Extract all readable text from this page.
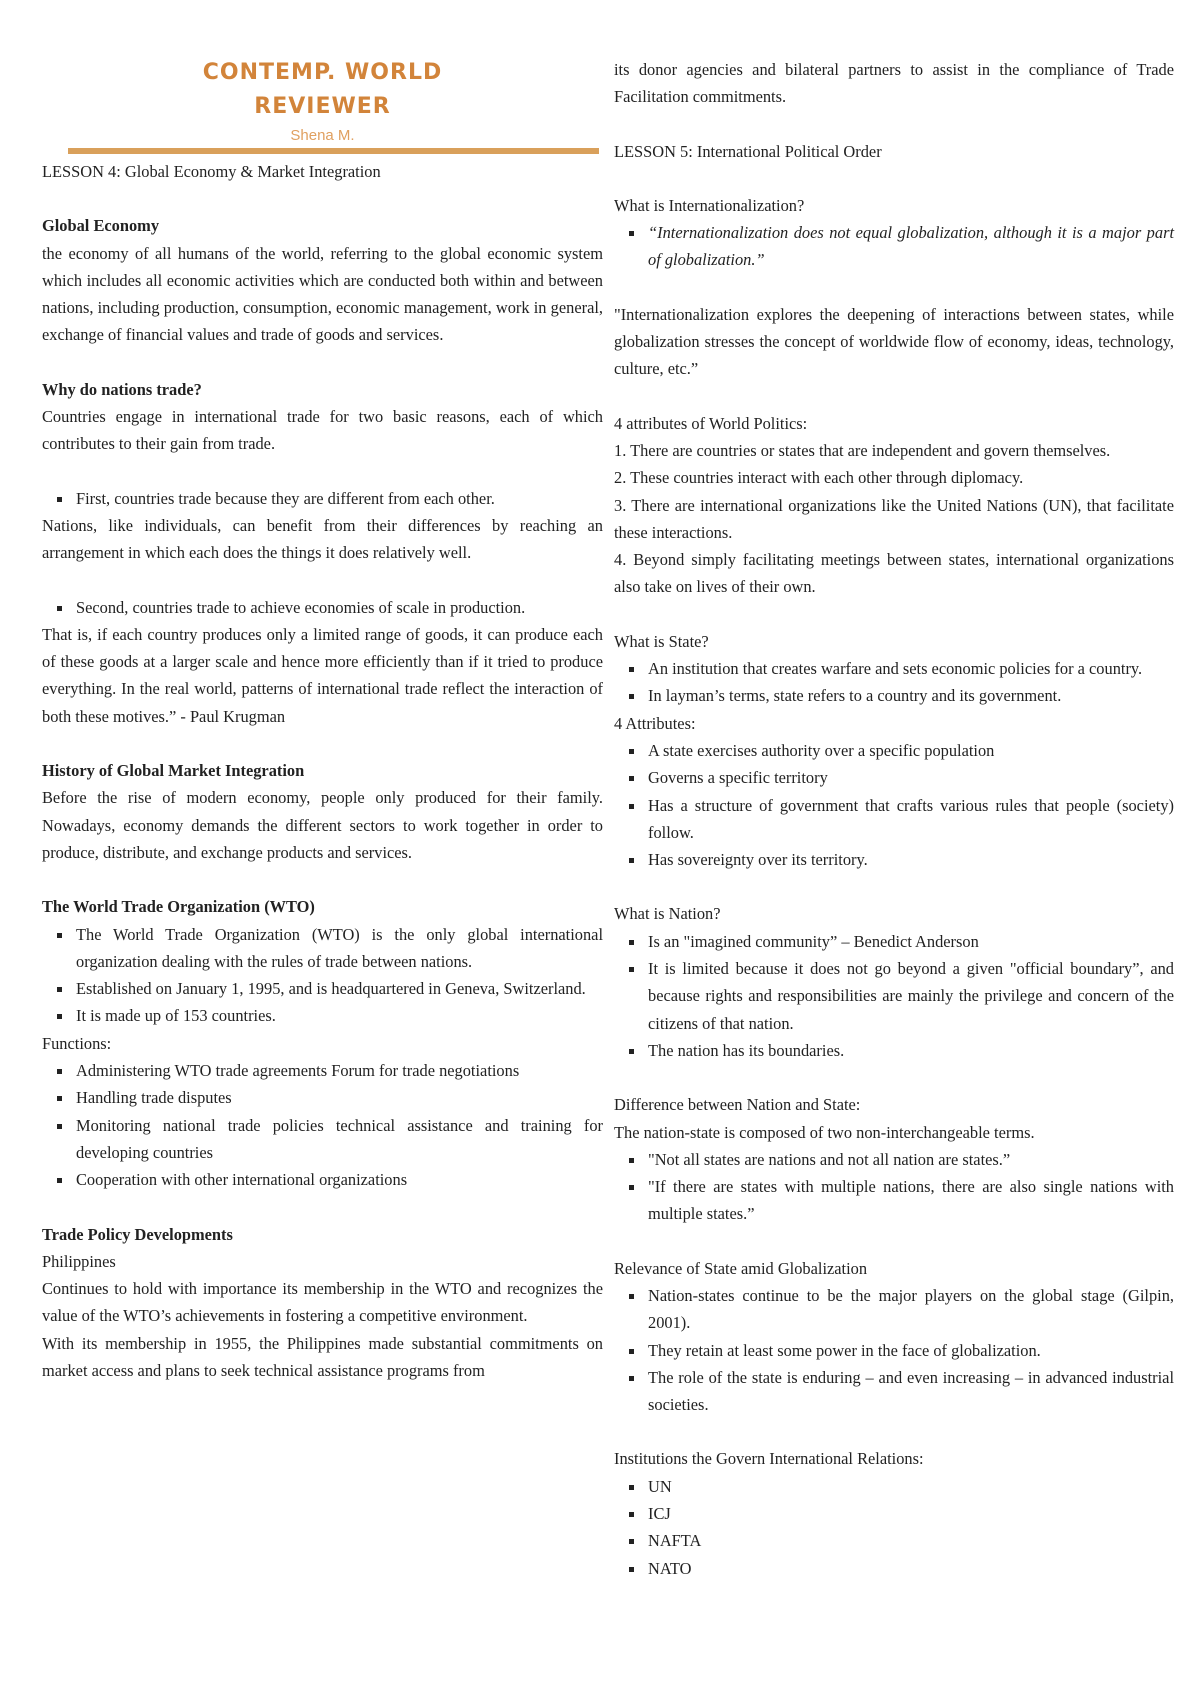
CONTEMP. WORLD
REVIEWER
Shena M.

LESSON 4: Global Economy & Market Integration

Global Economy

the economy of all humans of the world, referring to the global economic system which includes all economic activities which are conducted both within and between nations, including production, consumption, economic management, work in general, exchange of financial values and trade of goods and services.

Why do nations trade?

Countries engage in international trade for two basic reasons, each of which contributes to their gain from trade.

First, countries trade because they are different from each other.

Nations, like individuals, can benefit from their differences by reaching an arrangement in which each does the things it does relatively well.

Second, countries trade to achieve economies of scale in production.

That is, if each country produces only a limited range of goods, it can produce each of these goods at a larger scale and hence more efficiently than if it tried to produce everything. In the real world, patterns of international trade reflect the interaction of both these motives.” - Paul Krugman

History of Global Market Integration

Before the rise of modern economy, people only produced for their family. Nowadays, economy demands the different sectors to work together in order to produce, distribute, and exchange products and services.

The World Trade Organization (WTO)

The World Trade Organization (WTO) is the only global international organization dealing with the rules of trade between nations.
Established on January 1, 1995, and is headquartered in Geneva, Switzerland.
It is made up of 153 countries.

Functions:

Administering WTO trade agreements Forum for trade negotiations
Handling trade disputes
Monitoring national trade policies technical assistance and training for developing countries
Cooperation with other international organizations

Trade Policy Developments

Philippines

Continues to hold with importance its membership in the WTO and recognizes the value of the WTO’s achievements in fostering a competitive environment.

With its membership in 1955, the Philippines made substantial commitments on market access and plans to seek technical assistance programs from

its donor agencies and bilateral partners to assist in the compliance of Trade Facilitation commitments.

LESSON 5: International Political Order

What is Internationalization?

“Internationalization does not equal globalization, although it is a major part of globalization.”

"Internationalization explores the deepening of interactions between states, while globalization stresses the concept of worldwide flow of economy, ideas, technology, culture, etc.”

4 attributes of World Politics:

1. There are countries or states that are independent and govern themselves.

2. These countries interact with each other through diplomacy.

3. There are international organizations like the United Nations (UN), that facilitate these interactions.

4. Beyond simply facilitating meetings between states, international organizations also take on lives of their own.

What is State?

An institution that creates warfare and sets economic policies for a country.
In layman’s terms, state refers to a country and its government.

4 Attributes:

A state exercises authority over a specific population
Governs a specific territory
Has a structure of government that crafts various rules that people (society) follow.
Has sovereignty over its territory.

What is Nation?

Is an "imagined community” – Benedict Anderson
It is limited because it does not go beyond a given "official boundary”, and because rights and responsibilities are mainly the privilege and concern of the citizens of that nation.
The nation has its boundaries.

Difference between Nation and State:

The nation-state is composed of two non-interchangeable terms.

"Not all states are nations and not all nation are states.”
"If there are states with multiple nations, there are also single nations with multiple states.”

Relevance of State amid Globalization

Nation-states continue to be the major players on the global stage (Gilpin, 2001).
They retain at least some power in the face of globalization.
The role of the state is enduring – and even increasing – in advanced industrial societies.

Institutions the Govern International Relations:

UN
ICJ
NAFTA
NATO
